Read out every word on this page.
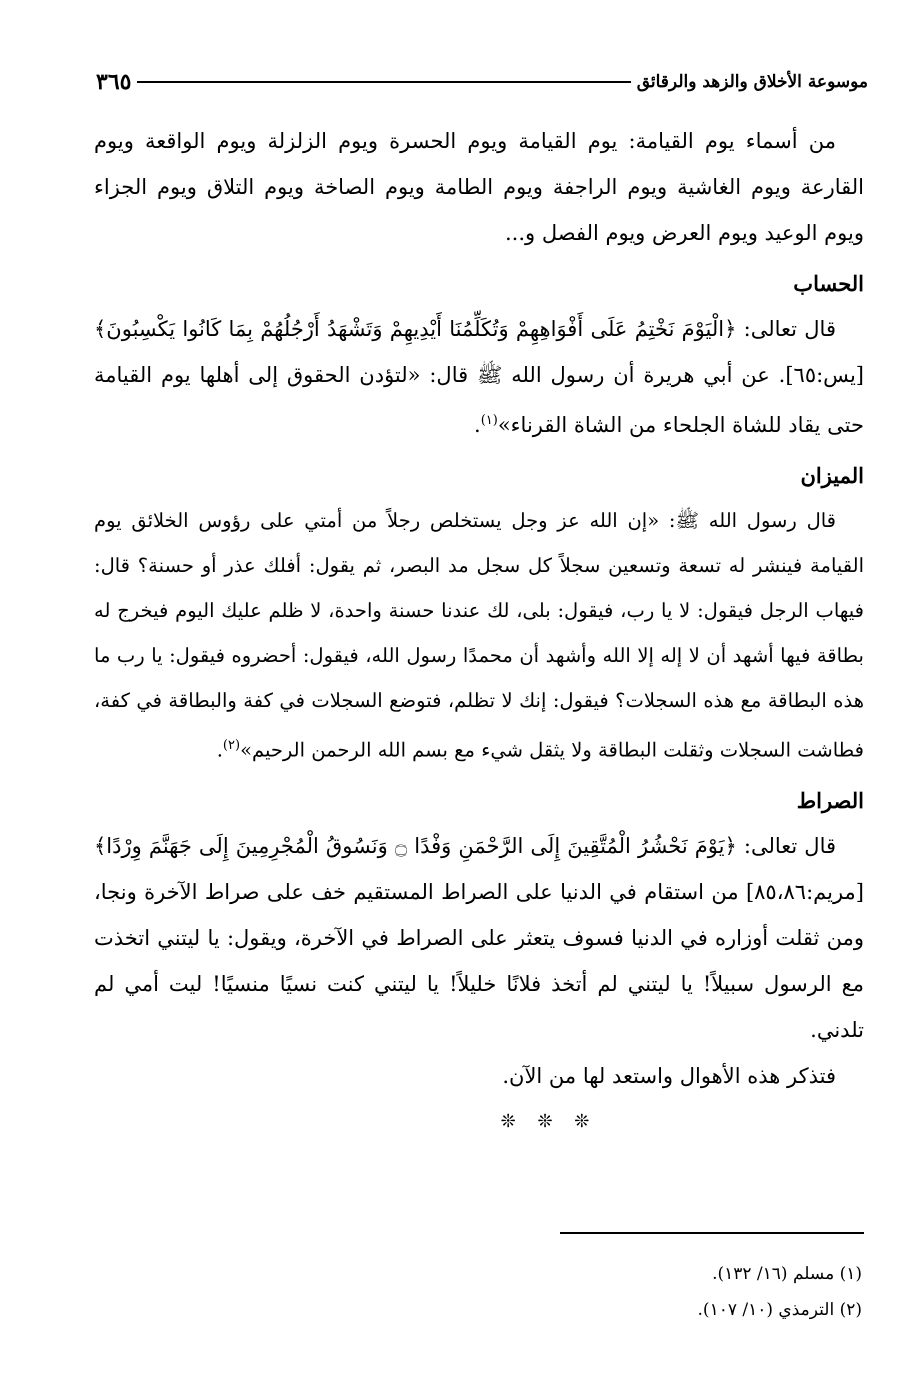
موسوعة الأخلاق والزهد والرقائق
٣٦٥

من أسماء يوم القيامة: يوم القيامة ويوم الحسرة ويوم الزلزلة ويوم الواقعة ويوم القارعة ويوم الغاشية ويوم الراجفة ويوم الطامة ويوم الصاخة ويوم التلاق ويوم الجزاء ويوم الوعيد ويوم العرض ويوم الفصل و...

الحساب

قال تعالى: ﴿الْيَوْمَ نَخْتِمُ عَلَى أَفْوَاهِهِمْ وَتُكَلِّمُنَا أَيْدِيهِمْ وَتَشْهَدُ أَرْجُلُهُمْ بِمَا كَانُوا يَكْسِبُونَ﴾ [يس:٦٥]. عن أبي هريرة أن رسول الله ﷺ قال: «لتؤدن الحقوق إلى أهلها يوم القيامة حتى يقاد للشاة الجلحاء من الشاة القرناء»$^{(١)}$.

الميزان

قال رسول الله ﷺ: «إن الله عز وجل يستخلص رجلاً من أمتي على رؤوس الخلائق يوم القيامة فينشر له تسعة وتسعين سجلاً كل سجل مد البصر، ثم يقول: أفلك عذر أو حسنة؟ قال: فيهاب الرجل فيقول: لا يا رب، فيقول: بلى، لك عندنا حسنة واحدة، لا ظلم عليك اليوم فيخرج له بطاقة فيها أشهد أن لا إله إلا الله وأشهد أن محمدًا رسول الله، فيقول: أحضروه فيقول: يا رب ما هذه البطاقة مع هذه السجلات؟ فيقول: إنك لا تظلم، فتوضع السجلات في كفة والبطاقة في كفة، فطاشت السجلات وثقلت البطاقة ولا يثقل شيء مع بسم الله الرحمن الرحيم»$^{(٢)}$.

الصراط

قال تعالى: ﴿يَوْمَ نَحْشُرُ الْمُتَّقِينَ إِلَى الرَّحْمَنِ وَفْدًا ۝ وَنَسُوقُ الْمُجْرِمِينَ إِلَى جَهَنَّمَ وِرْدًا﴾ [مريم:٨٥،٨٦] من استقام في الدنيا على الصراط المستقيم خف على صراط الآخرة ونجا، ومن ثقلت أوزاره في الدنيا فسوف يتعثر على الصراط في الآخرة، ويقول: يا ليتني اتخذت مع الرسول سبيلاً! يا ليتني لم أتخذ فلانًا خليلاً! يا ليتني كنت نسيًا منسيًا! ليت أمي لم تلدني.

فتذكر هذه الأهوال واستعد لها من الآن.

❊ ❊ ❊

(١) مسلم (١٦/ ١٣٢).

(٢) الترمذي (١٠/ ١٠٧).
